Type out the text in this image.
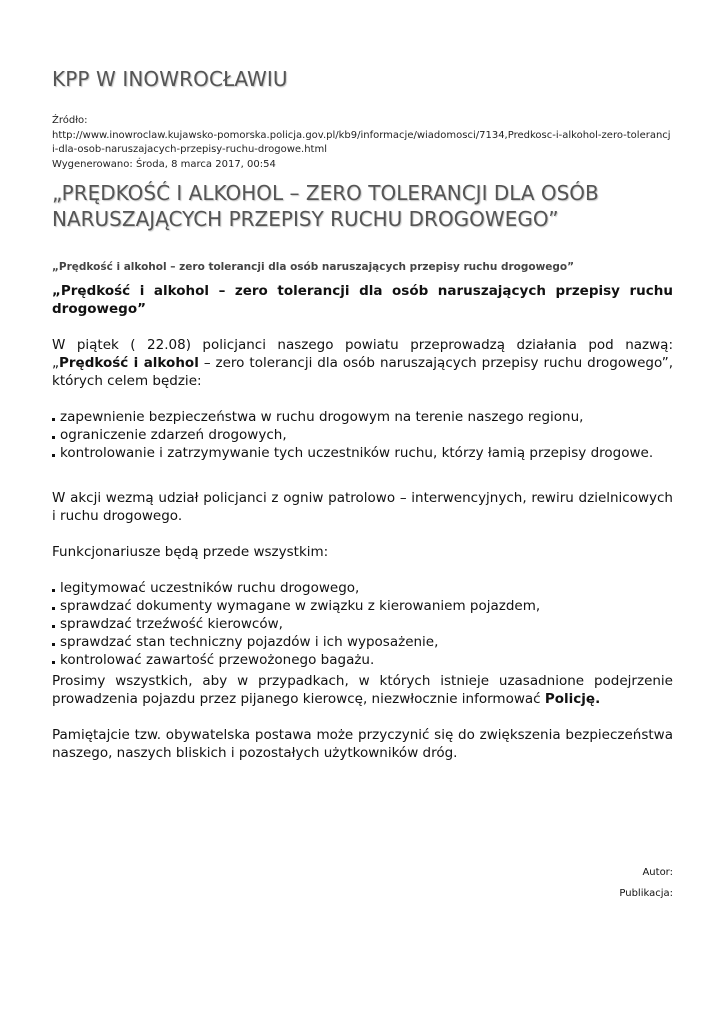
KPP W INOWROCŁAWIU
Źródło:
http://www.inowroclaw.kujawsko-pomorska.policja.gov.pl/kb9/informacje/wiadomosci/7134,Predkosc-i-alkohol-zero-tolerancji-dla-osob-naruszajacych-przepisy-ruchu-drogowe.html
Wygenerowano: Środa, 8 marca 2017, 00:54
„PRĘDKOŚĆ I ALKOHOL – ZERO TOLERANCJI DLA OSÓB NARUSZAJĄCYCH PRZEPISY RUCHU DROGOWEGO”
„Prędkość i alkohol – zero tolerancji dla osób naruszających przepisy ruchu drogowego”

„Prędkość i alkohol – zero tolerancji dla osób naruszających przepisy ruchu drogowego”

W piątek ( 22.08) policjanci naszego powiatu przeprowadzą działania pod nazwą: „Prędkość i alkohol – zero tolerancji dla osób naruszających przepisy ruchu drogowego”, których celem będzie:

zapewnienie bezpieczeństwa w ruchu drogowym na terenie naszego regionu,
ograniczenie zdarzeń drogowych,
kontrolowanie i zatrzymywanie tych uczestników ruchu, którzy łamią przepisy drogowe.

W akcji wezmą udział policjanci z ogniw patrolowo – interwencyjnych, rewiru dzielnicowych i ruchu drogowego.

Funkcjonariusze będą przede wszystkim:

legitymować uczestników ruchu drogowego,
sprawdzać dokumenty wymagane w związku z kierowaniem pojazdem,
sprawdzać trzeźwość kierowców,
sprawdzać stan techniczny pojazdów i ich wyposażenie,
kontrolować zawartość przewożonego bagażu.

Prosimy wszystkich, aby w przypadkach, w których istnieje uzasadnione podejrzenie prowadzenia pojazdu przez pijanego kierowcę, niezwłocznie informować Policję.

Pamiętajcie tzw. obywatelska postawa może przyczynić się do zwiększenia bezpieczeństwa naszego, naszych bliskich i pozostałych użytkowników dróg.

Autor:
Publikacja:
